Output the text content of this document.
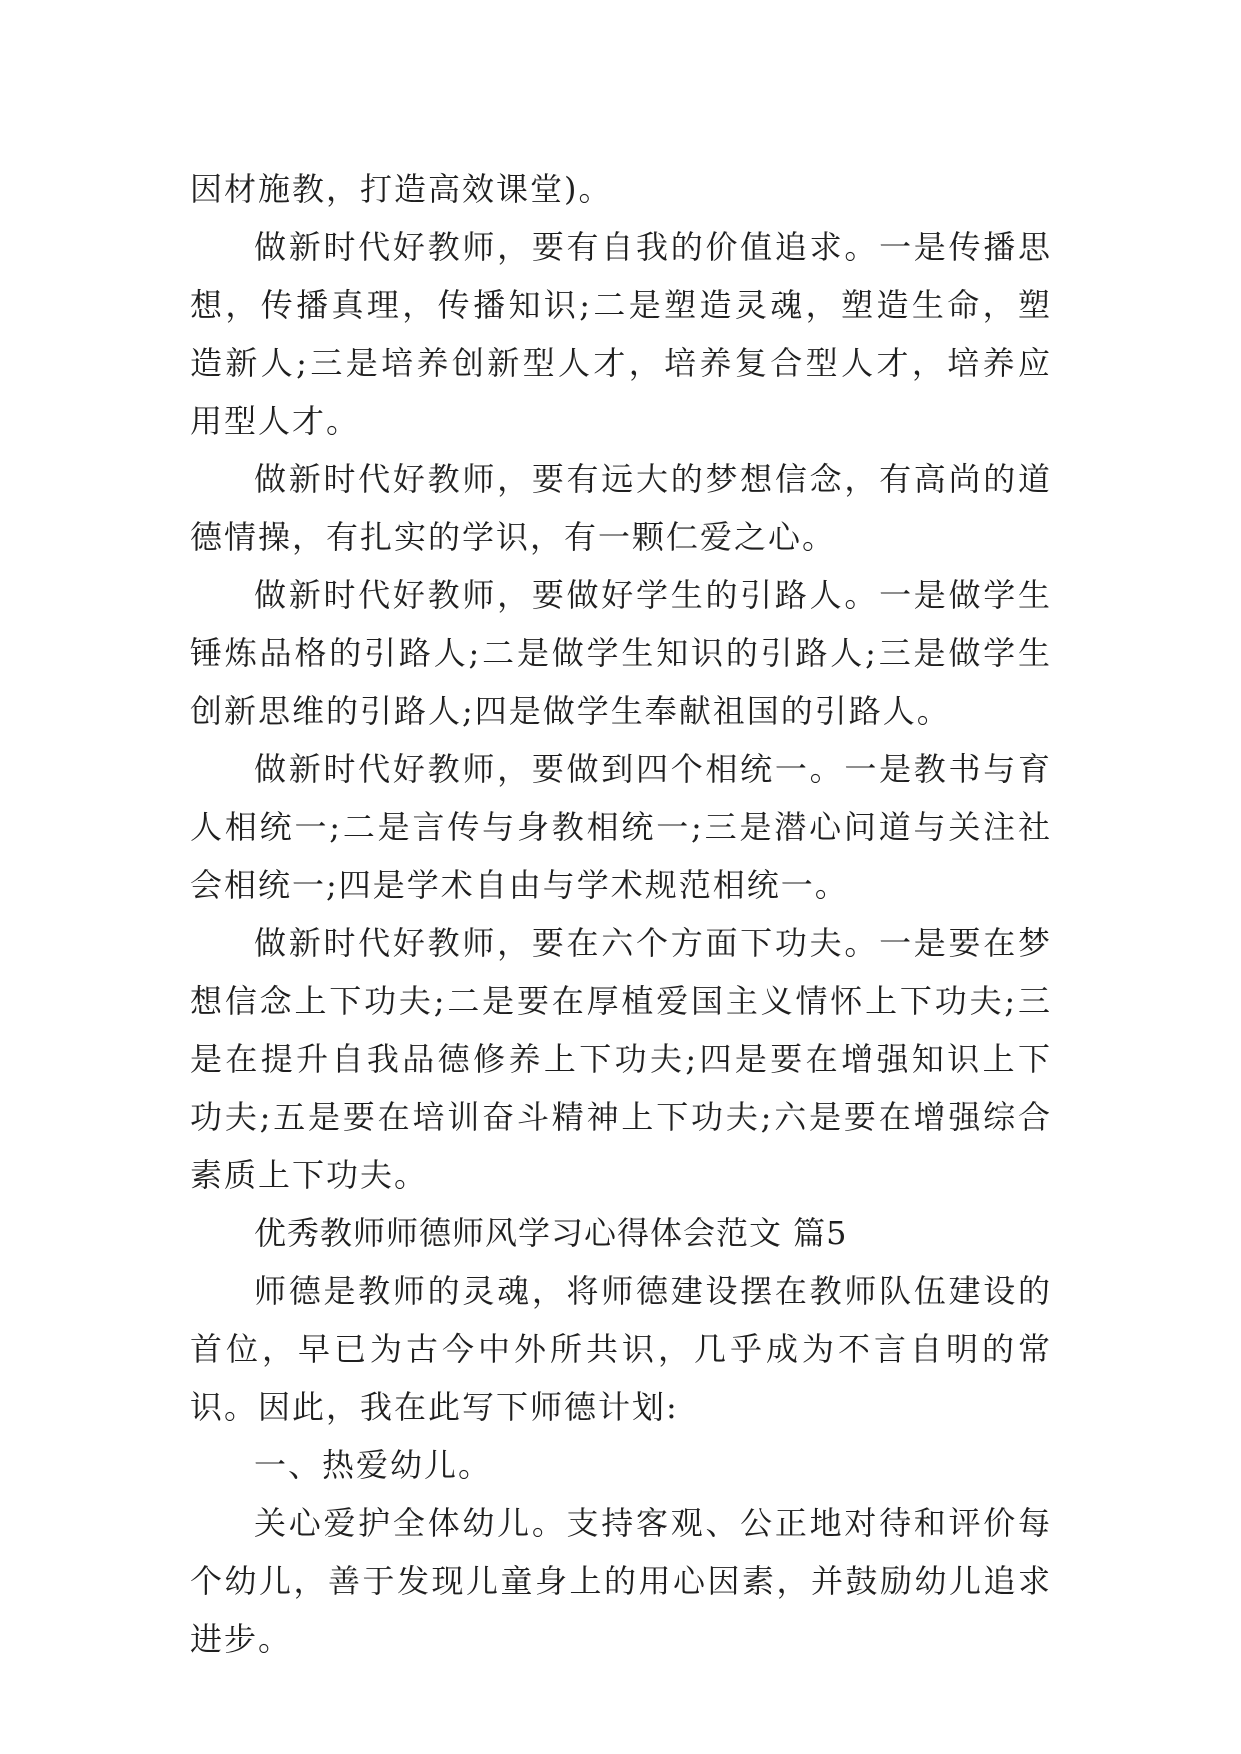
因材施教，打造高效课堂)。

做新时代好教师，要有自我的价值追求。一是传播思想，传播真理，传播知识;二是塑造灵魂，塑造生命，塑造新人;三是培养创新型人才，培养复合型人才，培养应用型人才。

做新时代好教师，要有远大的梦想信念，有高尚的道德情操，有扎实的学识，有一颗仁爱之心。

做新时代好教师，要做好学生的引路人。一是做学生锤炼品格的引路人;二是做学生知识的引路人;三是做学生创新思维的引路人;四是做学生奉献祖国的引路人。

做新时代好教师，要做到四个相统一。一是教书与育人相统一;二是言传与身教相统一;三是潜心问道与关注社会相统一;四是学术自由与学术规范相统一。

做新时代好教师，要在六个方面下功夫。一是要在梦想信念上下功夫;二是要在厚植爱国主义情怀上下功夫;三是在提升自我品德修养上下功夫;四是要在增强知识上下功夫;五是要在培训奋斗精神上下功夫;六是要在增强综合素质上下功夫。

优秀教师师德师风学习心得体会范文 篇5

师德是教师的灵魂，将师德建设摆在教师队伍建设的首位，早已为古今中外所共识，几乎成为不言自明的常识。因此，我在此写下师德计划:

一、热爱幼儿。

关心爱护全体幼儿。支持客观、公正地对待和评价每个幼儿，善于发现儿童身上的用心因素，并鼓励幼儿追求进步。
